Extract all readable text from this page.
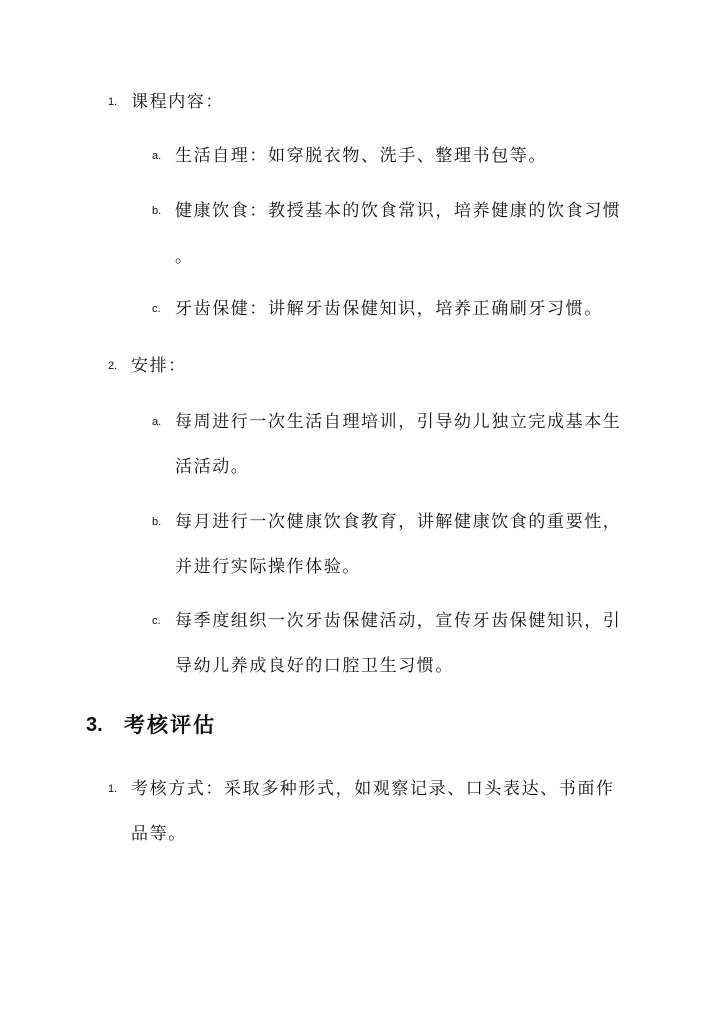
1. 课程内容：
a. 生活自理：如穿脱衣物、洗手、整理书包等。
b. 健康饮食：教授基本的饮食常识，培养健康的饮食习惯
。
c. 牙齿保健：讲解牙齿保健知识，培养正确刷牙习惯。
2. 安排：
a. 每周进行一次生活自理培训，引导幼儿独立完成基本生
活活动。
b. 每月进行一次健康饮食教育，讲解健康饮食的重要性，
并进行实际操作体验。
c. 每季度组织一次牙齿保健活动，宣传牙齿保健知识，引
导幼儿养成良好的口腔卫生习惯。
3. 考核评估
1. 考核方式：采取多种形式，如观察记录、口头表达、书面作
品等。
